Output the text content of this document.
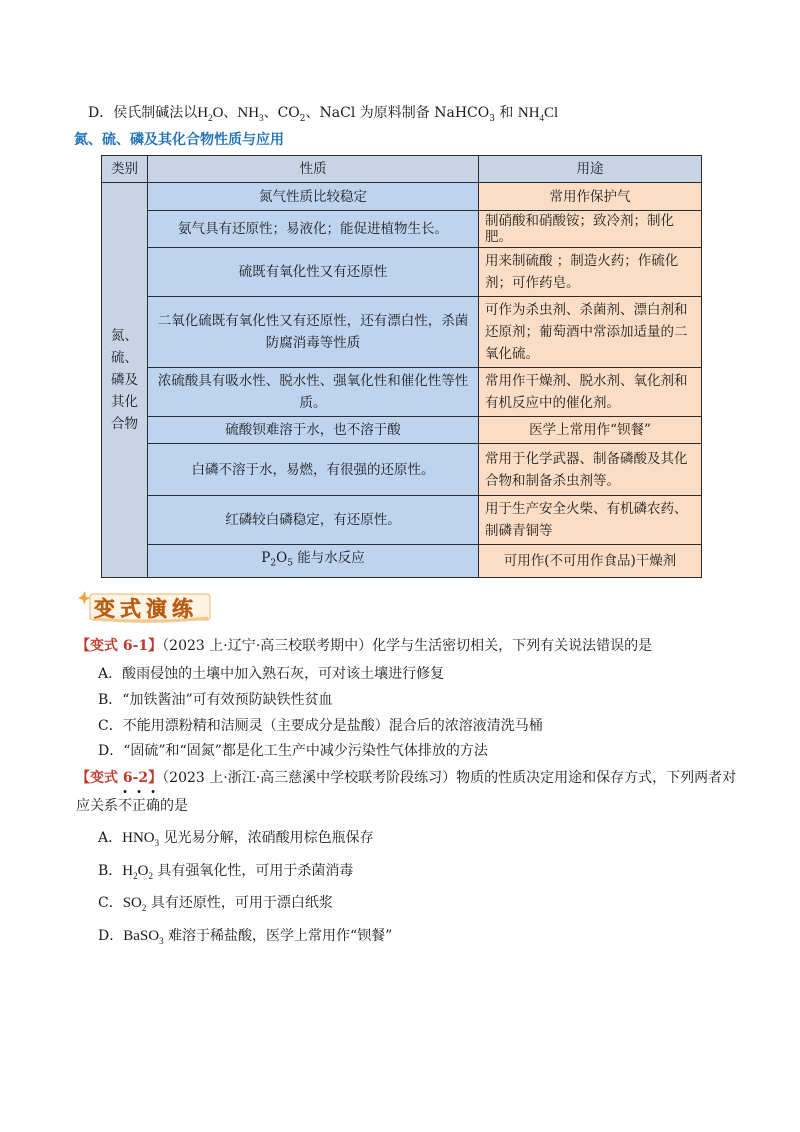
D．侯氏制碱法以$H_2O$、$NH_3$、$CO_2$、NaCl 为原料制备 NaHCO$_3$ 和 $NH_4Cl$
氮、硫、磷及其化合物性质与应用
类别	性质	用途

氮、
硫、
磷及
其化
合物	氮气性质比较稳定	常用作保护气
	氨气具有还原性；易液化；能促进植物生长。	制硝酸和硝酸铵；致冷剂；制化肥。
	硫既有氧化性又有还原性	用来制硫酸 ；制造火药；作硫化剂；可作药皂。
	二氧化硫既有氧化性又有还原性，还有漂白性，杀菌防腐消毒等性质	可作为杀虫剂、杀菌剂、漂白剂和还原剂；葡萄酒中常添加适量的二氧化硫。
	浓硫酸具有吸水性、脱水性、强氧化性和催化性等性质。	常用作干燥剂、脱水剂、氧化剂和有机反应中的催化剂。
	硫酸钡难溶于水，也不溶于酸	医学上常用作“钡餐”
	白磷不溶于水，易燃，有很强的还原性。	常用于化学武器、制备磷酸及其化合物和制备杀虫剂等。
	红磷较白磷稳定，有还原性。	用于生产安全火柴、有机磷农药、制磷青铜等
	$P_2O_5$ 能与水反应	可用作(不可用作食品)干燥剂
变式演练
【变式 6-1】（2023 上·辽宁·高三校联考期中）化学与生活密切相关，下列有关说法错误的是
A．酸雨侵蚀的土壤中加入熟石灰，可对该土壤进行修复
B．“加铁酱油”可有效预防缺铁性贫血
C．不能用漂粉精和洁厕灵（主要成分是盐酸）混合后的浓溶液清洗马桶
D．“固硫”和“固氮”都是化工生产中减少污染性气体排放的方法
【变式 6-2】（2023 上·浙江·高三慈溪中学校联考阶段练习）物质的性质决定用途和保存方式，下列两者对
应关系不正确的是
A．$HNO_3$ 见光易分解，浓硝酸用棕色瓶保存
B．$H_2O_2$ 具有强氧化性，可用于杀菌消毒
C．$SO_2$ 具有还原性，可用于漂白纸浆
D．BaSO$_3$ 难溶于稀盐酸，医学上常用作“钡餐”
